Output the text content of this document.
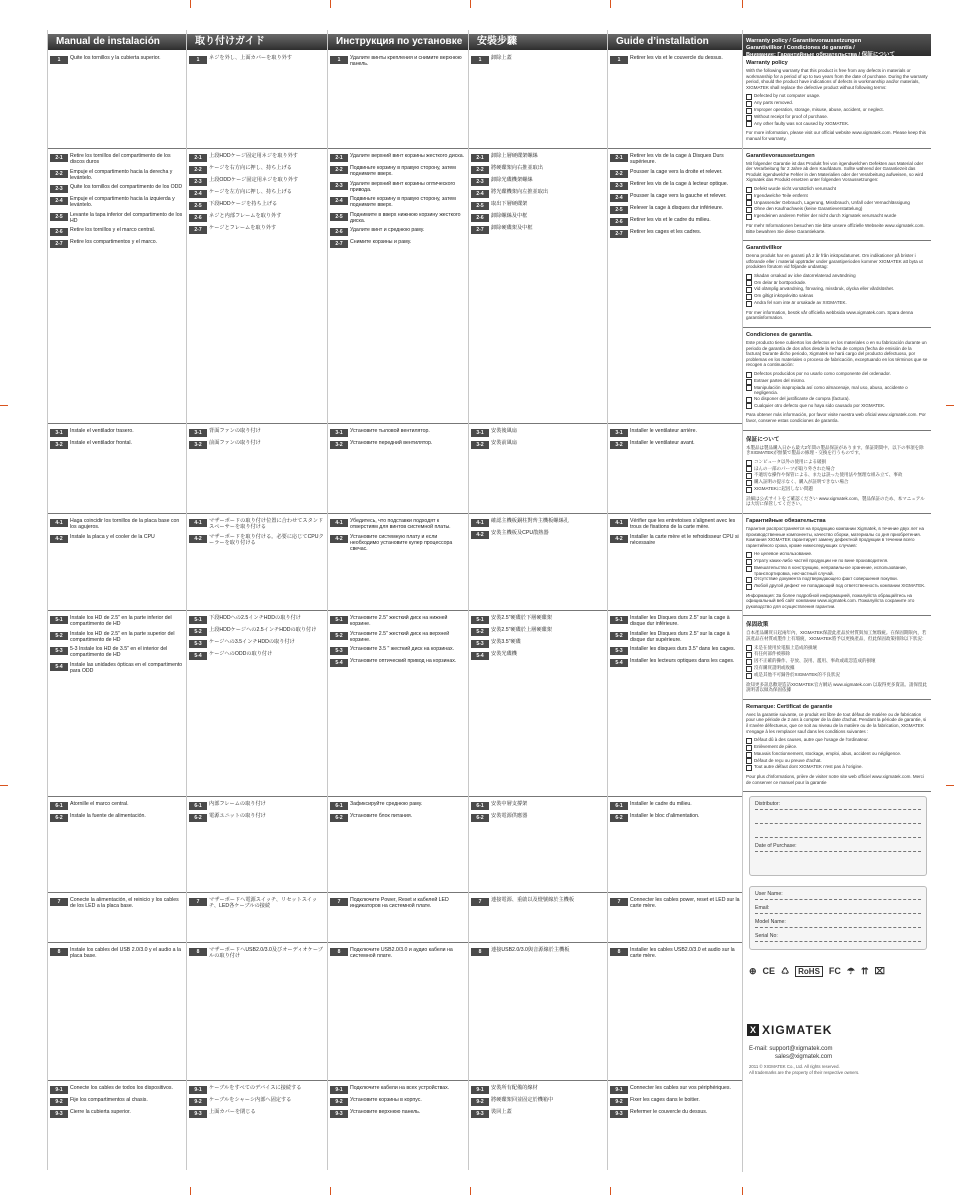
Manual de instalación
1	Quite los tornillos y la cubierta superior.
2-1	Retire los tornillos del compartimento de los discos duros
2-2	Empuje el compartimento hacia la derecha y levántelo.
2-3	Quite los tornillos del compartimento de los ODD
2-4	Empuje el compartimento hacia la izquierda y levántelo.
2-5	Levante la tapa inferior del compartimento de los HD
2-6	Retire los tornillos y el marco central.
2-7	Retire los compartimentos y el marco.
3-1	Instale el ventilador trasero.
3-2	Instale el ventilador frontal.
4-1	Haga coincidir los tornillos de la placa base con los agujeros.
4-2	Instale la placa y el cooler de la CPU
5-1	Instale los HD de 2.5" en la parte inferior del compartimento de HD
5-2	Instale los HD de 2.5" en la parte superior del compartimento de HD
5-3	5-3 Instale los HD de 3.5" en el interior del compartimento de HD
5-4	Instale las unidades ópticas en el compartimento para ODD
6-1	Atornille el marco central.
6-2	Instale la fuente de alimentación.
7	Conecte la alimentación, el reinicio y los cables de los LED a la placa base.
8	Instale los cables del USB 2.0/3.0 y el audio a la placa base.
9-1	Conecte los cables de todos los dispositivos.
9-2	Fije los compartimentos al chasis.
9-3	Cierre la cubierta superior.
取り付けガイド
1	ネジを外し、上面カバーを取り外す
2-1	上段HDDケージ固定用ネジを取り外す
2-2	ケージを右方向に押し、持ち上げる
2-3	上段ODDケージ固定用ネジを取り外す
2-4	ケージを左方向に押し、持ち上げる
2-5	下段HDDケージを持ち上げる
2-6	ネジと内部フレームを取り外す
2-7	ケージとフレームを取り外す
3-1	背面ファンの取り付け
3-2	前面ファンの取り付け
4-1	マザーボードの取り付け位置に合わせてスタンドスペーサーを取り付ける
4-2	マザーボードを取り付ける。必要に応じてCPUクーラーを取り付ける
5-1	下段HDDへの2.5インチHDDの取り付け
5-2	上段HDDケージへの2.5インチHDDの取り付け
5-3	ケージへの3.5インチHDDの取り付け
5-4	ケージへのODDの取り付け
6-1	内部フレームの取り付け
6-2	電源ユニットの取り付け
7	マザーボードへ電源スイッチ、リセットスイッチ、LED各ケーブルの接続
8	マザーボードへUSB2.0/3.0及びオーディオケーブルの取り付け
9-1	ケーブルをすべてのデバイスに接続する
9-2	ケーブルをシャーシ内部へ固定する
9-3	上面カバーを閉じる
Инструкция по установке
1	Удалите винты крепления и снимите верхнюю панель.
2-1	Удалите верхний винт корзины жесткого диска.
2-2	Подвиньте корзину в правую сторону, затем поднимите вверх.
2-3	Удалите верхний винт корзины оптического привода.
2-4	Подвиньте корзину в правую сторону, затем поднимите вверх.
2-5	Поднимите в вверх нижнюю корзину жесткого диска.
2-6	Удалите винт и среднюю раму.
2-7	Снимите корзины и раму.
3-1	Установите тыловой вентилятор.
3-2	Установите передний вентилятор.
4-1	Убедитесь, что подставки подходят к отверстиям для винтов системной платы.
4-2	Установите системную плату и если необходимо установите кулер процессора свечас.
5-1	Установите 2.5" жесткий диск на нижней корзине.
5-2	Установите 2.5" жесткий диск на верхней корзине.
5-3	Установите 3.5 " жесткий диск на корзинах.
5-4	Установите оптический привод на корзинах.
6-1	Зафиксируйте среднюю раму.
6-2	Установите блок питания.
7	Подключите Power, Reset и кабелей LED индикаторов на системной плате.
8	Подключите USB2.0/3.0 и аудио кабели на системной плате.
9-1	Подключите кабели на всех устройствах.
9-2	Установите корзины в корпус.
9-3	Установите верхнюю панель.
安裝步驟
1	卸除上蓋
2-1	卸除上層硬碟架螺絲
2-2	將硬碟架向右推並取出
2-3	卸除光碟機架螺絲
2-4	將光碟機架向左推並取出
2-5	取出下層硬碟架
2-6	卸除螺絲及中框
2-7	卸除硬碟架及中框
3-1	安裝後風扇
3-2	安裝前風扇
4-1	確認主機板銅柱對齊主機板螺絲孔
4-2	安裝主機板及CPU散熱器
5-1	安裝2.5"硬碟於下層硬碟架
5-2	安裝2.5"硬碟於上層硬碟架
5-3	安裝3.5"硬碟
5-4	安裝光碟機
6-1	安裝中層支撐架
6-2	安裝電源供應器
7	連接電源、重啟以及燈號線於主機板
8	連接USB2.0/3.0與音源線於主機板
9-1	安裝所有配備的線材
9-2	將硬碟架回並固定於機箱中
9-3	裝回上蓋
Guide d’installation
1	Retirer les vis et le couvercle du dessus.
2-1	Retirer les vis de la cage à Disques Durs supérieure.
2-2	Pousser la cage vers la droite et relever.
2-3	Retirer les vis de la cage à lecteur optique.
2-4	Pousser la cage vers la gauche et relever.
2-5	Relever la cage à disques dur inférieure.
2-6	Retirer les vis et le cadre du milieu.
2-7	Retirer les cages et les cadres.
3-1	Installer le ventilateur arrière.
3-2	Installer le ventilateur avant.
4-1	Vérifier que les entretoises s’alignent avec les trous de fixations de la carte mère.
4-2	Installer la carte mère et le refroidisseur CPU si nécessaire
5-1	Installer les Disques durs 2.5" sur la cage à disque dur inférieure.
5-2	Installer les Disques durs 2.5" sur la cage à disque dur supérieure.
5-3	Installer les disques durs 3.5" dans les cages.
5-4	Installer les lecteurs optiques dans les cages.
6-1	Installer le cadre du milieu.
6-2	Installer le bloc d’alimentation.
7	Connecter les cables power, reset et LED sur la carte mère.
8	Installer les cables USB2.0/3.0 et audio sur la carte mère.
9-1	Connecter les cables sur vos périphériques.
9-2	Fixer les cages dans le boitier.
9-3	Refermer le couvercle du dessus.
Warranty policy / Garantievoraussetzungen
Garantivillkor / Condiciones de garantía /
Внимание: Гарантийные обязательства / 保証について
Warranty policy
With the following warranty that this product is free from any defects in materials or workmanship for a period of up to two years from the date of purchase. During the warranty period, should the product have indications of defects in workmanship and/or materials, XIGMATEK shall replace the defective product without following terms:
Defected by not computer usage.
Any parts removed.
Improper operation, storage, misuse, abuse, accident, or neglect.
Without receipt for proof of purchase.
Any other faulty was not caused by XIGMATEK.
For more information, please visit our official website www.xigmatek.com. Please keep this manual for warranty.
Garantievoraussetzungen
Mit folgender Garantie ist das Produkt frei von irgendwelchen Defekten aus Material oder der Verarbeitung für 2 Jahre ab dem Kaufdatum. Sollte während der Garantiezeit das Produkt irgendwelche Fehler in den Materialien oder der Verarbeitung aufweisen, so wird Xigmatek das Produkt ersetzen unter folgenden Voraussetzungen:
Defekt wurde nicht vorsätzlich verursacht
Irgendwelche Teile entfernt
Unpassender Gebrauch, Lagerung, Missbrauch, Unfall oder Vernachlässigung
Ohne den Kaufnachweis (keine Garantieverstattelung)
Irgendeinen anderen Fehler der nicht durch Xigmatek verursacht wurde
Für mehr Informationen besuchen Sie bitte unsere offizielle Webseite www.xigmatek.com. Bitte bewahren Sie diese Garantiekarte.
Garantivillkor
Denna produkt har en garanti på 2 år från inköpsdatumet. Om indikationer på brister i utförande eller i material uppträder under garantiperioden kommer XIGMATEK att byta ut produkten förutom vid följande undantag:
Skadan orsakad av icke datorrelaterad användning
Om delar är borttpockade.
Vid olämplig användning, förvaring, missbruk, olycka eller vårdslöshet.
Om giltigt inköpskvitto saknas
Andra fel som inte är orsakade av XIGMATEK.
För mer information, besök vår officiella webbsida www.xigmatek.com. Spara denna garantiinformation.
Condiciones de garantía.
Este producto tiene cubiertos los defectos en los materiales o en su fabricación durante un periodo de garantía de dos años desde la fecha de compra (fecha de emisión de la factura) Durante dicho periodo, Xigmatek se hará cargo del producto defectuoso, por problemas en los materiales o proceso de fabricación, exceptuando en los términos que se recogen a continuación:
Defectos producidos por no usarlo como componente del ordenador.
Extraer partes del mismo.
Manipulación inapropiada así como almacenaje, mal uso, abuso, accidente o negligencia.
No disponer del justificante de compra (factura).
Cualquier otro defecto que no haya sido causado por XIGMATEK.
Para obtener más información, por favor visite nuestra web oficial www.xigmatek.com. Por favor, conserve estas condiciones de garantía.
保証について
本製品は製品購入日から最大2年間の製品保証があります。保証期間中、以下の事項を除きXIGMATEKが無償で製品の修理・交換を行うものです。
コンピュータ以外の使用による破損
ほんの一部のパーツが取り外された場合
不適切な操作や保管による、または誤った使用法や無理な組み立て、事故
購入証明の提示なく、購入が証明できない場合
XIGMATEKに起因しない問題
詳細は公式サイトをご確認ください www.xigmatek.com。製品保証のため、本マニュアルは大切に保管してください。
Гарантийные обязательства
Гарантия распространяется на продукцию компании Xigmatek, в течение двух лет на производственные компоненты, качество сборки, материалы со дня приобретения. Компания XIGMATEK гарантирует замену дефектной продукции в течении всего гарантийного срока, кроме нижеследующих случаев:
Не целевое использование.
Утрату каких-либо частей продукции не по вине производителя.
Вмешательство в конструкцию, неправильное хранение, использование, транспортировка, несчастный случай.
Отсутствие документа подтверждающего факт совершения покупки.
Любой другой дефект не попадающий под ответственность компании XIGMATEK.
Информация: За более подробной информацией, пожалуйста обращайтесь на официальный веб сайт компании www.xigmatek.com. Пожалуйста сохраните это руководство для осуществления гарантии.
保固政策
自本產品購買日起兩年內，XIGMATEK保證此產品於材質與加工無瑕疵。在保固期限內，若該產品在材質或製作上有瑕疵，XIGMATEK將予以更換產品，但此保固政策排除以下狀況：
未是在使用於電腦上造成的損壞
有任何部件被移除
因不正確的操作、存放、誤用、濫用、事故或疏忽造成的損壞
沒有購買證明或收據
或是其他不可歸咎於XIGMATEK的不良狀況
欲知更多訊息歡迎造訪XIGMATEK官方網站 www.xigmatek.com 以取得更多資訊。請保留此說明書以做為保固依據
Remarque: Certificat de garantie
Avec la garantie suivante, ce produit est libre de tout défaut de matière ou de fabrication pour une période de 2 ans à compter de la date d'achat. Pendant la période de garantie, si il s'avère défectueux, que ce soit au niveau de la matière ou de la fabrication, XIGMATEK s'engage à les remplacer sauf dans les conditions suivantes :
Défaut dû à des causes, autre que l'usage de l'ordinateur.
Enlèvement de pièce.
Mauvais fonctionnement, stockage, emploi, abus, accident ou négligence.
Défaut de reçu ou preuve d'achat.
Tout autre défaut dont XIGMATEK n'est pas à l'origine.
Pour plus d'informations, prière de visiter notre site web officiel www.xigmatek.com. Merci de conserver ce manuel pour la garantie
Distributor:
Date of Purchase:
User Name:
Email:
Model Name:
Serial No:
⊕ CE ♺	RoHS	FC ☂ ⇈ ⌧
X XIGMATEK
E-mail: support@xigmatek.com
sales@xigmatek.com
2011 © XIGMATEK Co., Ltd. All rights reserved.
All trademarks are the property of their respective owners.
